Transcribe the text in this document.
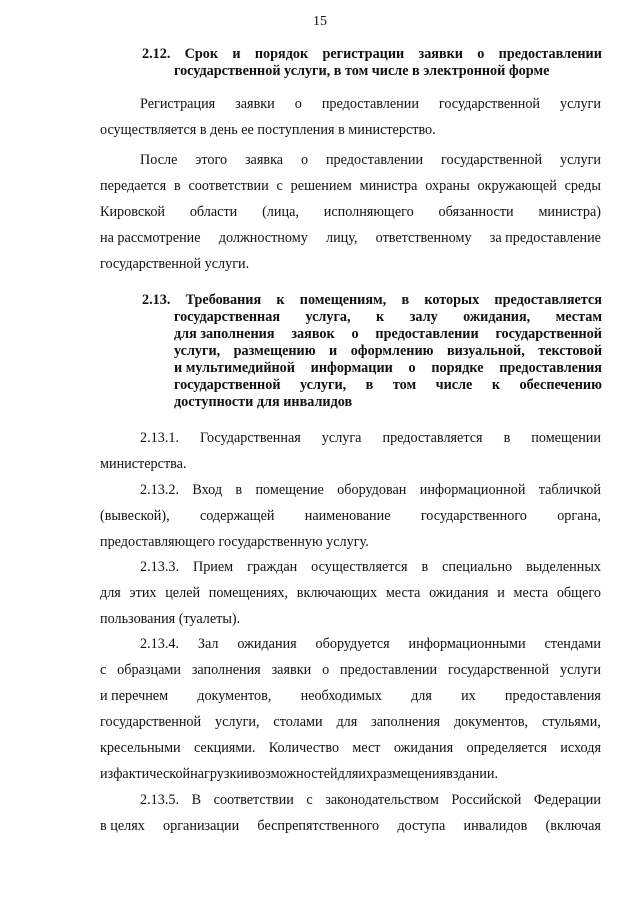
15
2.12. Срок и порядок регистрации заявки о предоставлении
государственной услуги, в том числе в электронной форме
Регистрация заявки о предоставлении государственной услуги
осуществляется в день ее поступления в министерство.
После этого заявка о предоставлении государственной услуги
передается в соответствии с решением министра охраны окружающей среды
Кировской области (лица, исполняющего обязанности министра)
на рассмотрение должностному лицу, ответственному за предоставление
государственной услуги.
2.13. Требования к помещениям, в которых предоставляется
государственная услуга, к залу ожидания, местам
для заполнения заявок о предоставлении государственной
услуги, размещению и оформлению визуальной, текстовой
и мультимедийной информации о порядке предоставления
государственной услуги, в том числе к обеспечению
доступности для инвалидов
2.13.1. Государственная услуга предоставляется в помещении
министерства.
2.13.2. Вход в помещение оборудован информационной табличкой
(вывеской), содержащей наименование государственного органа,
предоставляющего государственную услугу.
2.13.3. Прием граждан осуществляется в специально выделенных
для этих целей помещениях, включающих места ожидания и места общего
пользования (туалеты).
2.13.4. Зал ожидания оборудуется информационными стендами
с образцами заполнения заявки о предоставлении государственной услуги
и перечнем документов, необходимых для их предоставления
государственной услуги, столами для заполнения документов, стульями,
кресельными секциями. Количество мест ожидания определяется исходя
из фактической нагрузки и возможностей для их размещения в здании.
2.13.5. В соответствии с законодательством Российской Федерации
в целях организации беспрепятственного доступа инвалидов (включая
